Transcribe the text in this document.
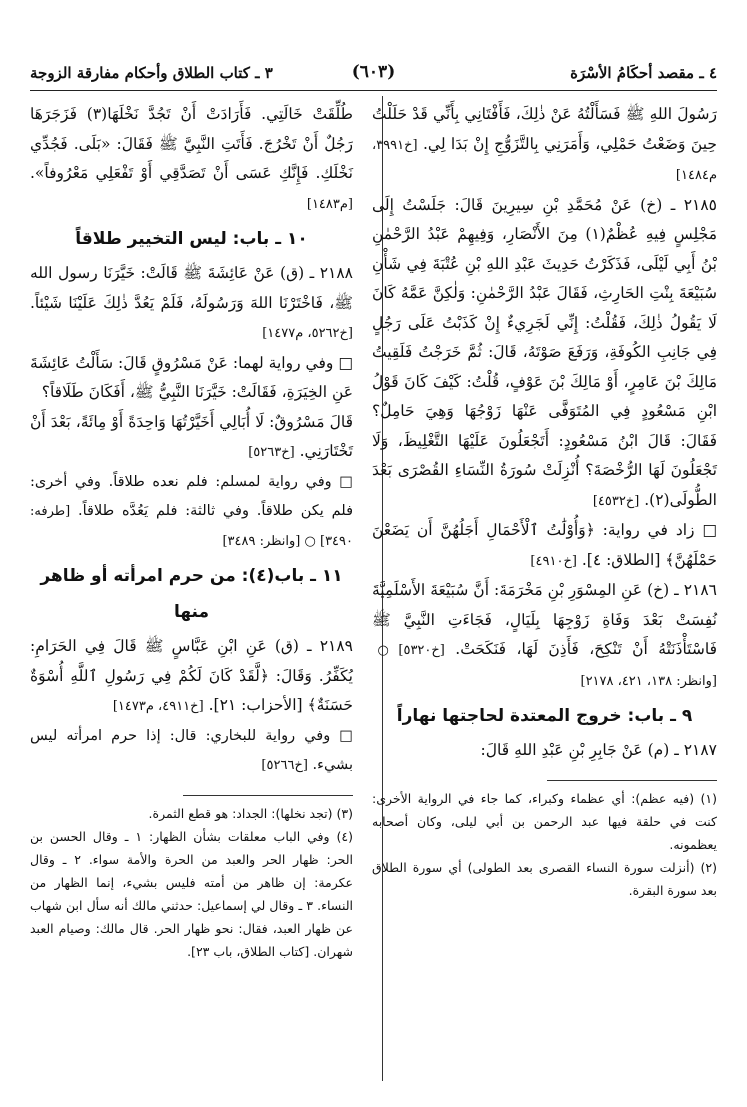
٤ ـ مقصد أحكَامُ الأسْرَة
(٦٠٣)
٣ ـ كتاب الطلاق وأحكام مفارقة الزوجة

رَسُولَ اللهِ ﷺ فَسَأَلْتُهُ عَنْ ذٰلِكَ، فَأَفْتَانِي بِأَنِّي قَدْ حَلَلْتُ حِينَ وَضَعْتُ حَمْلِي، وَأَمَرَنِي بِالتَّزَوُّجِ إِنْ بَدَا لِي. [خ٣٩٩١، م١٤٨٤]

٢١٨٥ ـ (خ) عَنْ مُحَمَّدِ بْنِ سِيرِينَ قَالَ: جَلَسْتُ إِلَى مَجْلِسٍ فِيهِ عُظْمٌ(١) مِنَ الأَنْصَارِ، وَفِيهِمْ عَبْدُ الرَّحْمٰنِ بْنُ أَبِي لَيْلَى، فَذَكَرْتُ حَدِيثَ عَبْدِ اللهِ بْنِ عُتْبَةَ فِي شَأْنِ سُبَيْعَةَ بِنْتِ الحَارِثِ، فَقَالَ عَبْدُ الرَّحْمٰنِ: وَلٰكِنَّ عَمَّهُ كَانَ لَا يَقُولُ ذٰلِكَ، فَقُلْتُ: إِنِّي لَجَرِيءٌ إِنْ كَذَبْتُ عَلَى رَجُلٍ فِي جَانِبِ الكُوفَةِ، وَرَفَعَ صَوْتَهُ، قَالَ: ثُمَّ خَرَجْتُ فَلَقِيتُ مَالِكَ بْنَ عَامِرٍ، أَوْ مَالِكَ بْنَ عَوْفٍ، قُلْتُ: كَيْفَ كَانَ قَوْلُ ابْنِ مَسْعُودٍ فِي المُتَوَفَّى عَنْهَا زَوْجُهَا وَهِيَ حَامِلٌ؟ فَقَالَ: قَالَ ابْنُ مَسْعُودٍ: أَتَجْعَلُونَ عَلَيْهَا التَّغْلِيظَ، وَلَا تَجْعَلُونَ لَهَا الرُّخْصَةَ؟ أُنْزِلَتْ سُورَةُ النِّسَاءِ القُصْرَى بَعْدَ الطُّولَى(٢). [خ٤٥٣٢]

□ زاد في رواية: ﴿وَأُوْلَٰتُ ٱلْأَحْمَالِ أَجَلُهُنَّ أَن يَضَعْنَ حَمْلَهُنَّ﴾ [الطلاق: ٤]. [خ٤٩١٠]

٢١٨٦ ـ (خ) عَنِ المِسْوَرِ بْنِ مَخْرَمَةَ: أَنَّ سُبَيْعَةَ الأَسْلَمِيَّةَ نُفِسَتْ بَعْدَ وَفَاةِ زَوْجِهَا بِلَيَالٍ، فَجَاءَتِ النَّبِيَّ ﷺ فَاسْتَأْذَنَتْهُ أَنْ تَنْكِحَ، فَأَذِنَ لَهَا، فَنَكَحَتْ. [خ٥٣٢٠] ○ [وانظر: ١٣٨، ٤٢١، ٢١٧٨]

٩ ـ باب: خروج المعتدة لحاجتها نهاراً

٢١٨٧ ـ (م) عَنْ جَابِرِ بْنِ عَبْدِ اللهِ قَالَ:

(١) (فيه عظم): أي عظماء وكبراء، كما جاء في الرواية الأخرى: كنت في حلقة فيها عبد الرحمن بن أبي ليلى، وكان أصحابه يعظمونه.

(٢) (أنزلت سورة النساء القصرى بعد الطولى) أي سورة الطلاق بعد سورة البقرة.

طُلِّقَتْ خَالَتِي. فَأَرَادَتْ أَنْ تَجُدَّ نَخْلَهَا(٣) فَزَجَرَهَا رَجُلٌ أَنْ تَخْرُجَ. فَأَتَتِ النَّبِيَّ ﷺ فَقَالَ: «بَلَى. فَجُدِّي نَخْلَكِ. فَإِنَّكِ عَسَى أَنْ تَصَدَّقِي أَوْ تَفْعَلِي مَعْرُوفاً». [م١٤٨٣]

١٠ ـ باب: ليس التخيير طلاقاً

٢١٨٨ ـ (ق) عَنْ عَائِشَةَ ﷺ قَالَتْ: خَيَّرَنَا رسول الله ﷺ، فَاخْتَرْنَا اللهَ وَرَسُولَهُ، فَلَمْ يَعُدَّ ذٰلِكَ عَلَيْنَا شَيْئاً. [خ٥٢٦٢، م١٤٧٧]

□ وفي رواية لهما: عَنْ مَسْرُوقٍ قَالَ: سَأَلْتُ عَائِشَةَ عَنِ الخِيَرَةِ، فَقَالَتْ: خَيَّرَنَا النَّبِيُّ ﷺ، أَفَكَانَ طَلَاقاً؟

قَالَ مَسْرُوقٌ: لَا أُبَالِي أَخَيَّرْتُهَا وَاحِدَةً أَوْ مِائَةً، بَعْدَ أَنْ تَخْتَارَنِي. [خ٥٢٦٣]

□ وفي رواية لمسلم: فلم نعده طلاقاً. وفي أخرى: فلم يكن طلاقاً. وفي ثالثة: فلم يَعُدَّه طلاقاً. [طرفه: ٣٤٩٠] ○ [وانظر: ٣٤٨٩]

١١ ـ باب(٤): من حرم امرأته أو ظاهر منها

٢١٨٩ ـ (ق) عَنِ ابْنِ عَبَّاسٍ ﷺ قَالَ فِي الحَرَامِ: يُكَفِّرُ. وَقَالَ: ﴿لَّقَدْ كَانَ لَكُمْ فِي رَسُولِ ٱللَّهِ أُسْوَةٌ حَسَنَةٌ﴾ [الأحزاب: ٢١]. [خ٤٩١١، م١٤٧٣]

□ وفي رواية للبخاري: قال: إذا حرم امرأته ليس بشيء. [خ٥٢٦٦]

(٣) (تجد نخلها): الجداد: هو قطع الثمرة.

(٤) وفي الباب معلقات بشأن الظهار: ١ ـ وقال الحسن بن الحر: ظهار الحر والعبد من الحرة والأمة سواء. ٢ ـ وقال عكرمة: إن ظاهر من أمته فليس بشيء، إنما الظهار من النساء. ٣ ـ وقال لي إسماعيل: حدثني مالك أنه سأل ابن شهاب عن ظهار العبد، فقال: نحو ظهار الحر. قال مالك: وصيام العبد شهران. [كتاب الطلاق، باب ٢٣].
